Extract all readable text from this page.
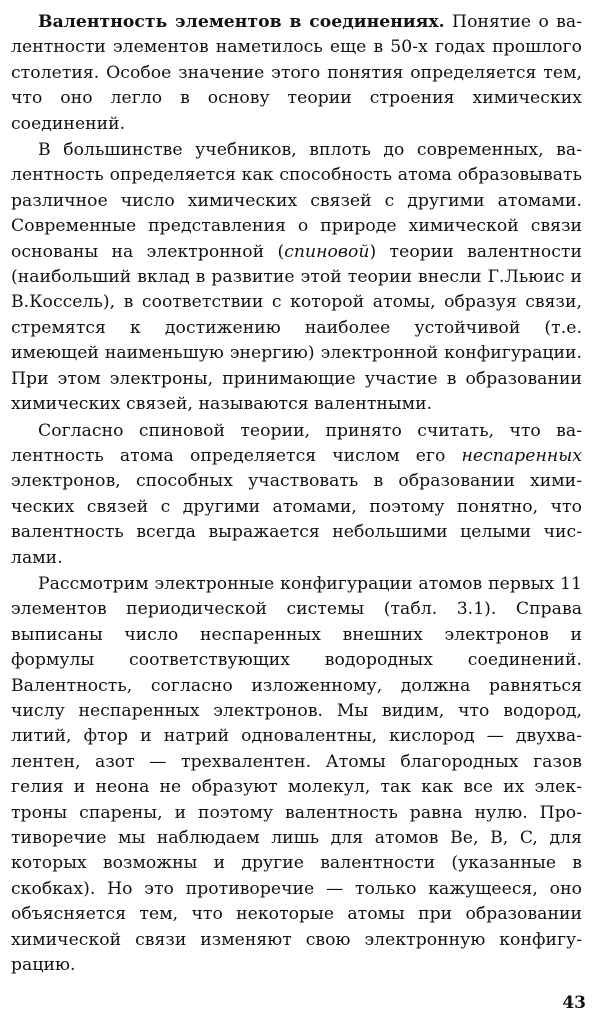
Валентность элементов в соединениях. Понятие о валентности элементов наметилось еще в 50-х годах прошлого столетия. Особое значение этого понятия определяется тем, что оно легло в основу теории строения химических соединений.

В большинстве учебников, вплоть до современных, валентность определяется как способность атома образовывать различное число химических связей с другими атомами. Современные представления о природе химической связи основаны на электронной (спиновой) теории валентности (наибольший вклад в развитие этой теории внесли Г.Льюис и В.Коссель), в соответствии с которой атомы, образуя связи, стремятся к достижению наиболее устойчивой (т.е. имеющей наименьшую энергию) электронной конфигурации. При этом электроны, принимающие участие в образовании химических связей, называются валентными.

Согласно спиновой теории, принято считать, что валентность атома определяется числом его неспаренных электронов, способных участвовать в образовании химических связей с другими атомами, поэтому понятно, что валентность всегда выражается небольшими целыми числами.

Рассмотрим электронные конфигурации атомов первых 11 элементов периодической системы (табл. 3.1). Справа выписаны число неспаренных внешних электронов и формулы соответствующих водородных соединений. Валентность, согласно изложенному, должна равняться числу неспаренных электронов. Мы видим, что водород, литий, фтор и натрий одновалентны, кислород — двухвалентен, азот — трехвалентен. Атомы благородных газов гелия и неона не образуют молекул, так как все их электроны спарены, и поэтому валентность равна нулю. Противоречие мы наблюдаем лишь для атомов Be, B, C, для которых возможны и другие валентности (указанные в скобках). Но это противоречие — только кажущееся, оно объясняется тем, что некоторые атомы при образовании химической связи изменяют свою электронную конфигурацию.

43
